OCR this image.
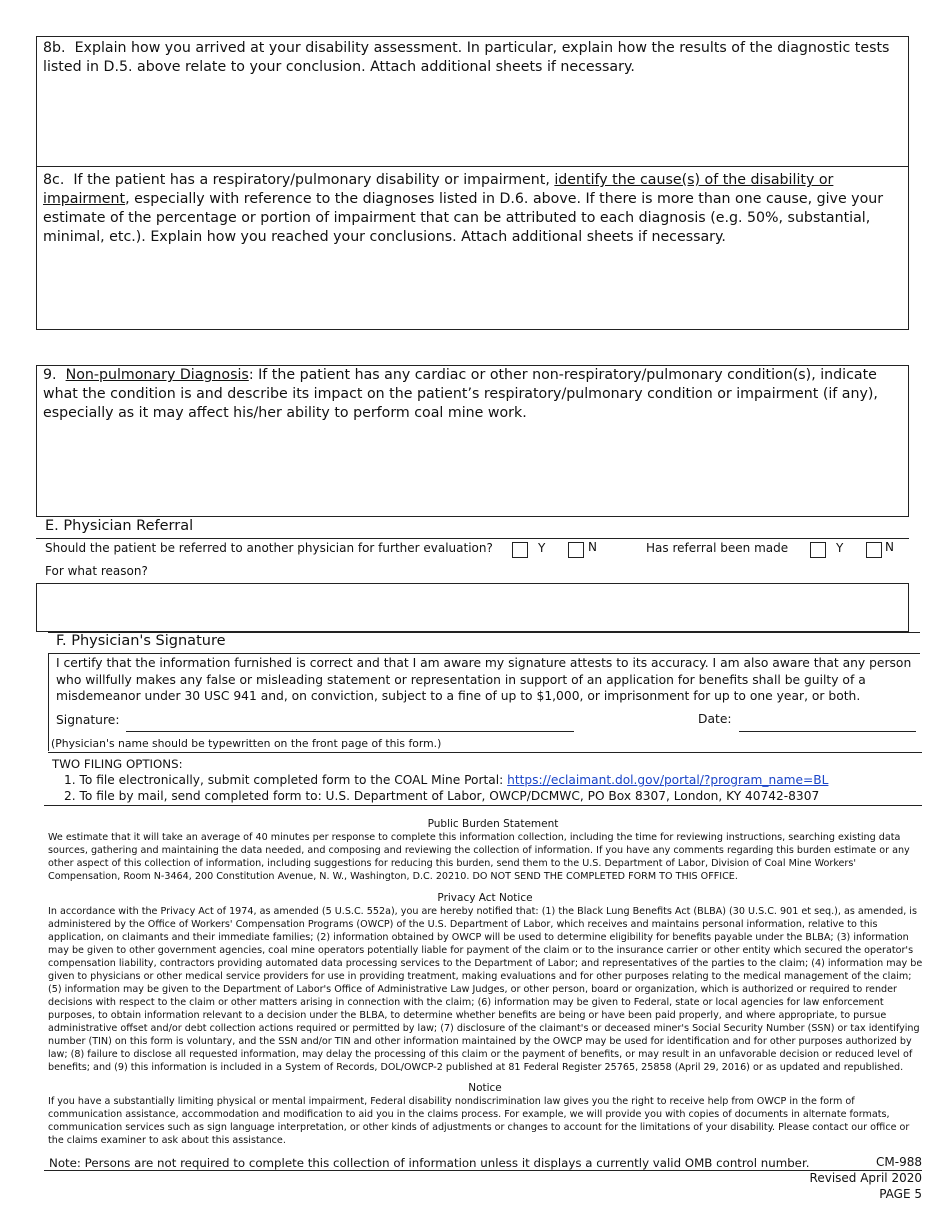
8b. Explain how you arrived at your disability assessment. In particular, explain how the results of the diagnostic tests listed in D.5. above relate to your conclusion. Attach additional sheets if necessary.
8c. If the patient has a respiratory/pulmonary disability or impairment, identify the cause(s) of the disability or impairment, especially with reference to the diagnoses listed in D.6. above. If there is more than one cause, give your estimate of the percentage or portion of impairment that can be attributed to each diagnosis (e.g. 50%, substantial, minimal, etc.). Explain how you reached your conclusions. Attach additional sheets if necessary.
9. Non-pulmonary Diagnosis: If the patient has any cardiac or other non-respiratory/pulmonary condition(s), indicate what the condition is and describe its impact on the patient’s respiratory/pulmonary condition or impairment (if any), especially as it may affect his/her ability to perform coal mine work.
E. Physician Referral
Should the patient be referred to another physician for further evaluation?	Y	N	Has referral been made	Y	N
For what reason?
F. Physician's Signature
I certify that the information furnished is correct and that I am aware my signature attests to its accuracy. I am also aware that any person who willfully makes any false or misleading statement or representation in support of an application for benefits shall be guilty of a misdemeanor under 30 USC 941 and, on conviction, subject to a fine of up to $1,000, or imprisonment for up to one year, or both.
Signature:	Date:
(Physician's name should be typewritten on the front page of this form.)
TWO FILING OPTIONS:
1. To file electronically, submit completed form to the COAL Mine Portal: https://eclaimant.dol.gov/portal/?program_name=BL
2. To file by mail, send completed form to: U.S. Department of Labor, OWCP/DCMWC, PO Box 8307, London, KY 40742-8307
Public Burden Statement
We estimate that it will take an average of 40 minutes per response to complete this information collection, including the time for reviewing instructions, searching existing data sources, gathering and maintaining the data needed, and composing and reviewing the collection of information. If you have any comments regarding this burden estimate or any other aspect of this collection of information, including suggestions for reducing this burden, send them to the U.S. Department of Labor, Division of Coal Mine Workers' Compensation, Room N-3464, 200 Constitution Avenue, N. W., Washington, D.C. 20210. DO NOT SEND THE COMPLETED FORM TO THIS OFFICE.
Privacy Act Notice
In accordance with the Privacy Act of 1974, as amended (5 U.S.C. 552a), you are hereby notified that: (1) the Black Lung Benefits Act (BLBA) (30 U.S.C. 901 et seq.), as amended, is administered by the Office of Workers' Compensation Programs (OWCP) of the U.S. Department of Labor, which receives and maintains personal information, relative to this application, on claimants and their immediate families; (2) information obtained by OWCP will be used to determine eligibility for benefits payable under the BLBA; (3) information may be given to other government agencies, coal mine operators potentially liable for payment of the claim or to the insurance carrier or other entity which secured the operator's compensation liability, contractors providing automated data processing services to the Department of Labor; and representatives of the parties to the claim; (4) information may be given to physicians or other medical service providers for use in providing treatment, making evaluations and for other purposes relating to the medical management of the claim; (5) information may be given to the Department of Labor's Office of Administrative Law Judges, or other person, board or organization, which is authorized or required to render decisions with respect to the claim or other matters arising in connection with the claim; (6) information may be given to Federal, state or local agencies for law enforcement purposes, to obtain information relevant to a decision under the BLBA, to determine whether benefits are being or have been paid properly, and where appropriate, to pursue administrative offset and/or debt collection actions required or permitted by law; (7) disclosure of the claimant's or deceased miner's Social Security Number (SSN) or tax identifying number (TIN) on this form is voluntary, and the SSN and/or TIN and other information maintained by the OWCP may be used for identification and for other purposes authorized by law; (8) failure to disclose all requested information, may delay the processing of this claim or the payment of benefits, or may result in an unfavorable decision or reduced level of benefits; and (9) this information is included in a System of Records, DOL/OWCP-2 published at 81 Federal Register 25765, 25858 (April 29, 2016) or as updated and republished.
Notice
If you have a substantially limiting physical or mental impairment, Federal disability nondiscrimination law gives you the right to receive help from OWCP in the form of communication assistance, accommodation and modification to aid you in the claims process. For example, we will provide you with copies of documents in alternate formats, communication services such as sign language interpretation, or other kinds of adjustments or changes to account for the limitations of your disability. Please contact our office or the claims examiner to ask about this assistance.
Note: Persons are not required to complete this collection of information unless it displays a currently valid OMB control number.	CM-988
Revised April 2020
PAGE 5
